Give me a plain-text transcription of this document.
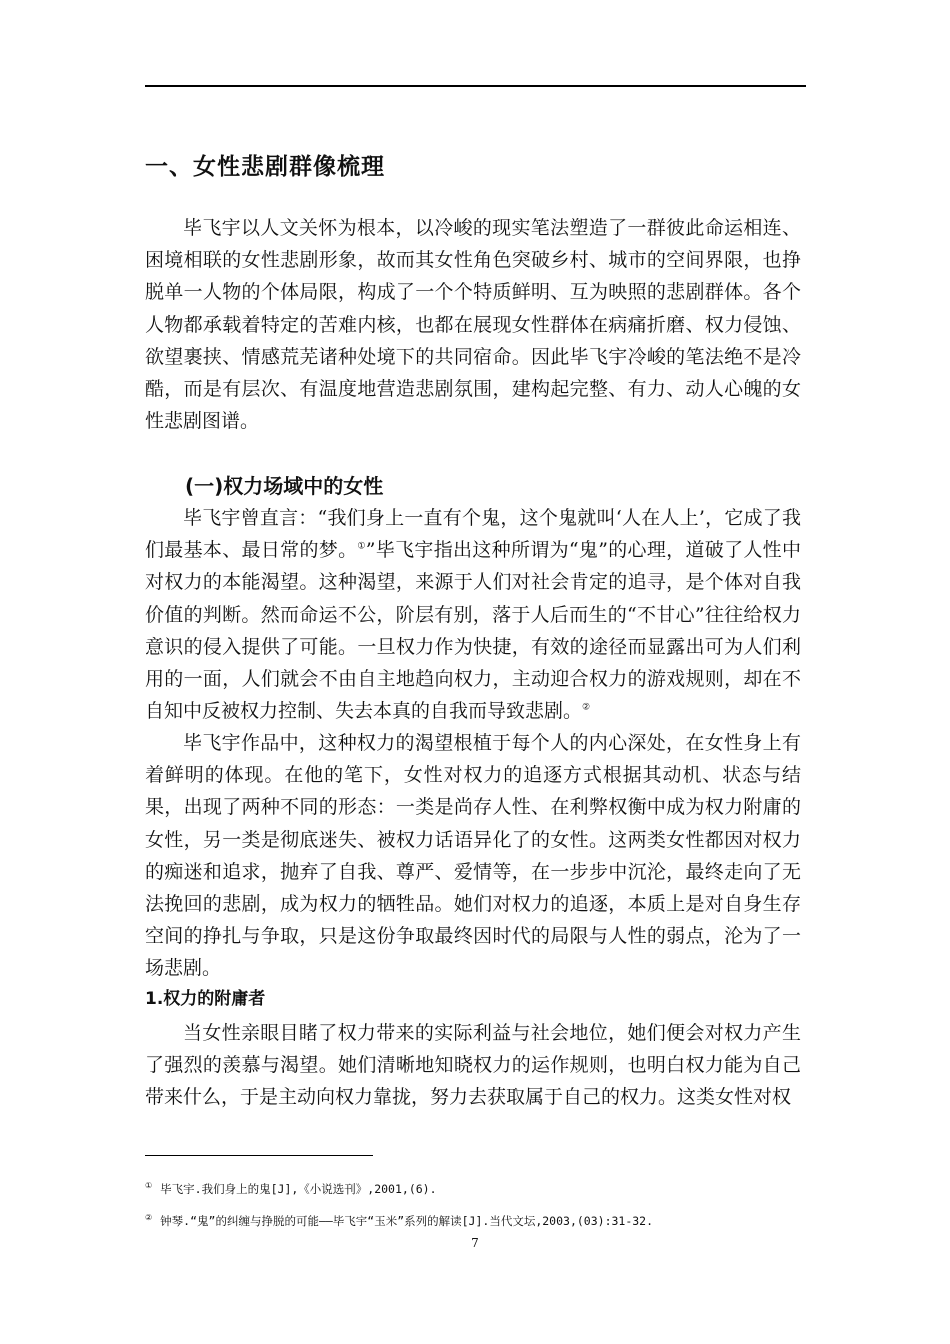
一、女性悲剧群像梳理

毕飞宇以人文关怀为根本，以冷峻的现实笔法塑造了一群彼此命运相连、困境相联的女性悲剧形象，故而其女性角色突破乡村、城市的空间界限，也挣脱单一人物的个体局限，构成了一个个特质鲜明、互为映照的悲剧群体。各个人物都承载着特定的苦难内核，也都在展现女性群体在病痛折磨、权力侵蚀、欲望裹挟、情感荒芜诸种处境下的共同宿命。因此毕飞宇冷峻的笔法绝不是冷酷，而是有层次、有温度地营造悲剧氛围，建构起完整、有力、动人心魄的女性悲剧图谱。

(一)权力场域中的女性

毕飞宇曾直言：“我们身上一直有个鬼，这个鬼就叫‘人在人上’，它成了我们最基本、最日常的梦。①”毕飞宇指出这种所谓为“鬼”的心理，道破了人性中对权力的本能渴望。这种渴望，来源于人们对社会肯定的追寻，是个体对自我价值的判断。然而命运不公，阶层有别，落于人后而生的“不甘心”往往给权力意识的侵入提供了可能。一旦权力作为快捷，有效的途径而显露出可为人们利用的一面，人们就会不由自主地趋向权力，主动迎合权力的游戏规则，却在不自知中反被权力控制、失去本真的自我而导致悲剧。②

毕飞宇作品中，这种权力的渴望根植于每个人的内心深处，在女性身上有着鲜明的体现。在他的笔下，女性对权力的追逐方式根据其动机、状态与结果，出现了两种不同的形态：一类是尚存人性、在利弊权衡中成为权力附庸的女性，另一类是彻底迷失、被权力话语异化了的女性。这两类女性都因对权力的痴迷和追求，抛弃了自我、尊严、爱情等，在一步步中沉沦，最终走向了无法挽回的悲剧，成为权力的牺牲品。她们对权力的追逐，本质上是对自身生存空间的挣扎与争取，只是这份争取最终因时代的局限与人性的弱点，沦为了一场悲剧。

1.权力的附庸者

当女性亲眼目睹了权力带来的实际利益与社会地位，她们便会对权力产生了强烈的羡慕与渴望。她们清晰地知晓权力的运作规则，也明白权力能为自己带来什么，于是主动向权力靠拢，努力去获取属于自己的权力。这类女性对权

① 毕飞宇.我们身上的鬼[J],《小说选刊》,2001,(6).

② 钟琴.“鬼”的纠缠与挣脱的可能——毕飞宇“玉米”系列的解读[J].当代文坛,2003,(03):31-32.

7
